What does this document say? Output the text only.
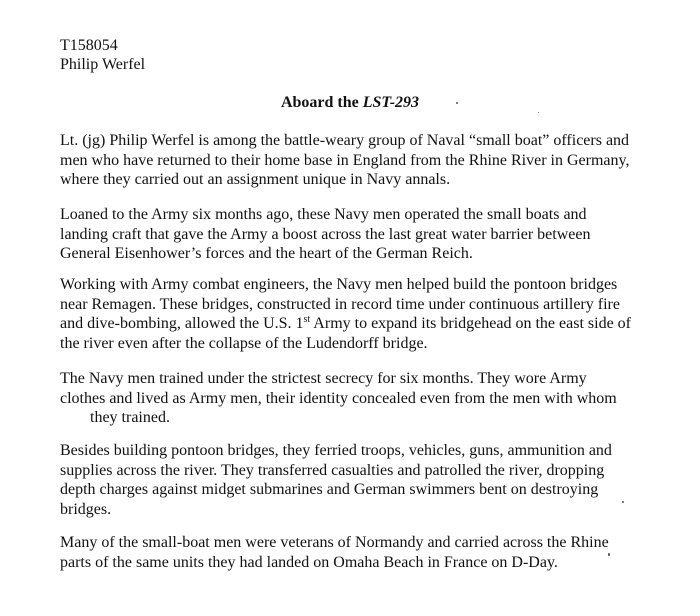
T158054
Philip Werfel
Aboard the LST-293

Lt. (jg) Philip Werfel is among the battle-weary group of Naval “small boat” officers and
men who have returned to their home base in England from the Rhine River in Germany,
where they carried out an assignment unique in Navy annals.

Loaned to the Army six months ago, these Navy men operated the small boats and
landing craft that gave the Army a boost across the last great water barrier between
General Eisenhower’s forces and the heart of the German Reich.

Working with Army combat engineers, the Navy men helped build the pontoon bridges
near Remagen. These bridges, constructed in record time under continuous artillery fire
and dive-bombing, allowed the U.S. 1st Army to expand its bridgehead on the east side of
the river even after the collapse of the Ludendorff bridge.

The Navy men trained under the strictest secrecy for six months. They wore Army
clothes and lived as Army men, their identity concealed even from the men with whom
they trained.

Besides building pontoon bridges, they ferried troops, vehicles, guns, ammunition and
supplies across the river. They transferred casualties and patrolled the river, dropping
depth charges against midget submarines and German swimmers bent on destroying
bridges.

Many of the small-boat men were veterans of Normandy and carried across the Rhine
parts of the same units they had landed on Omaha Beach in France on D-Day.
